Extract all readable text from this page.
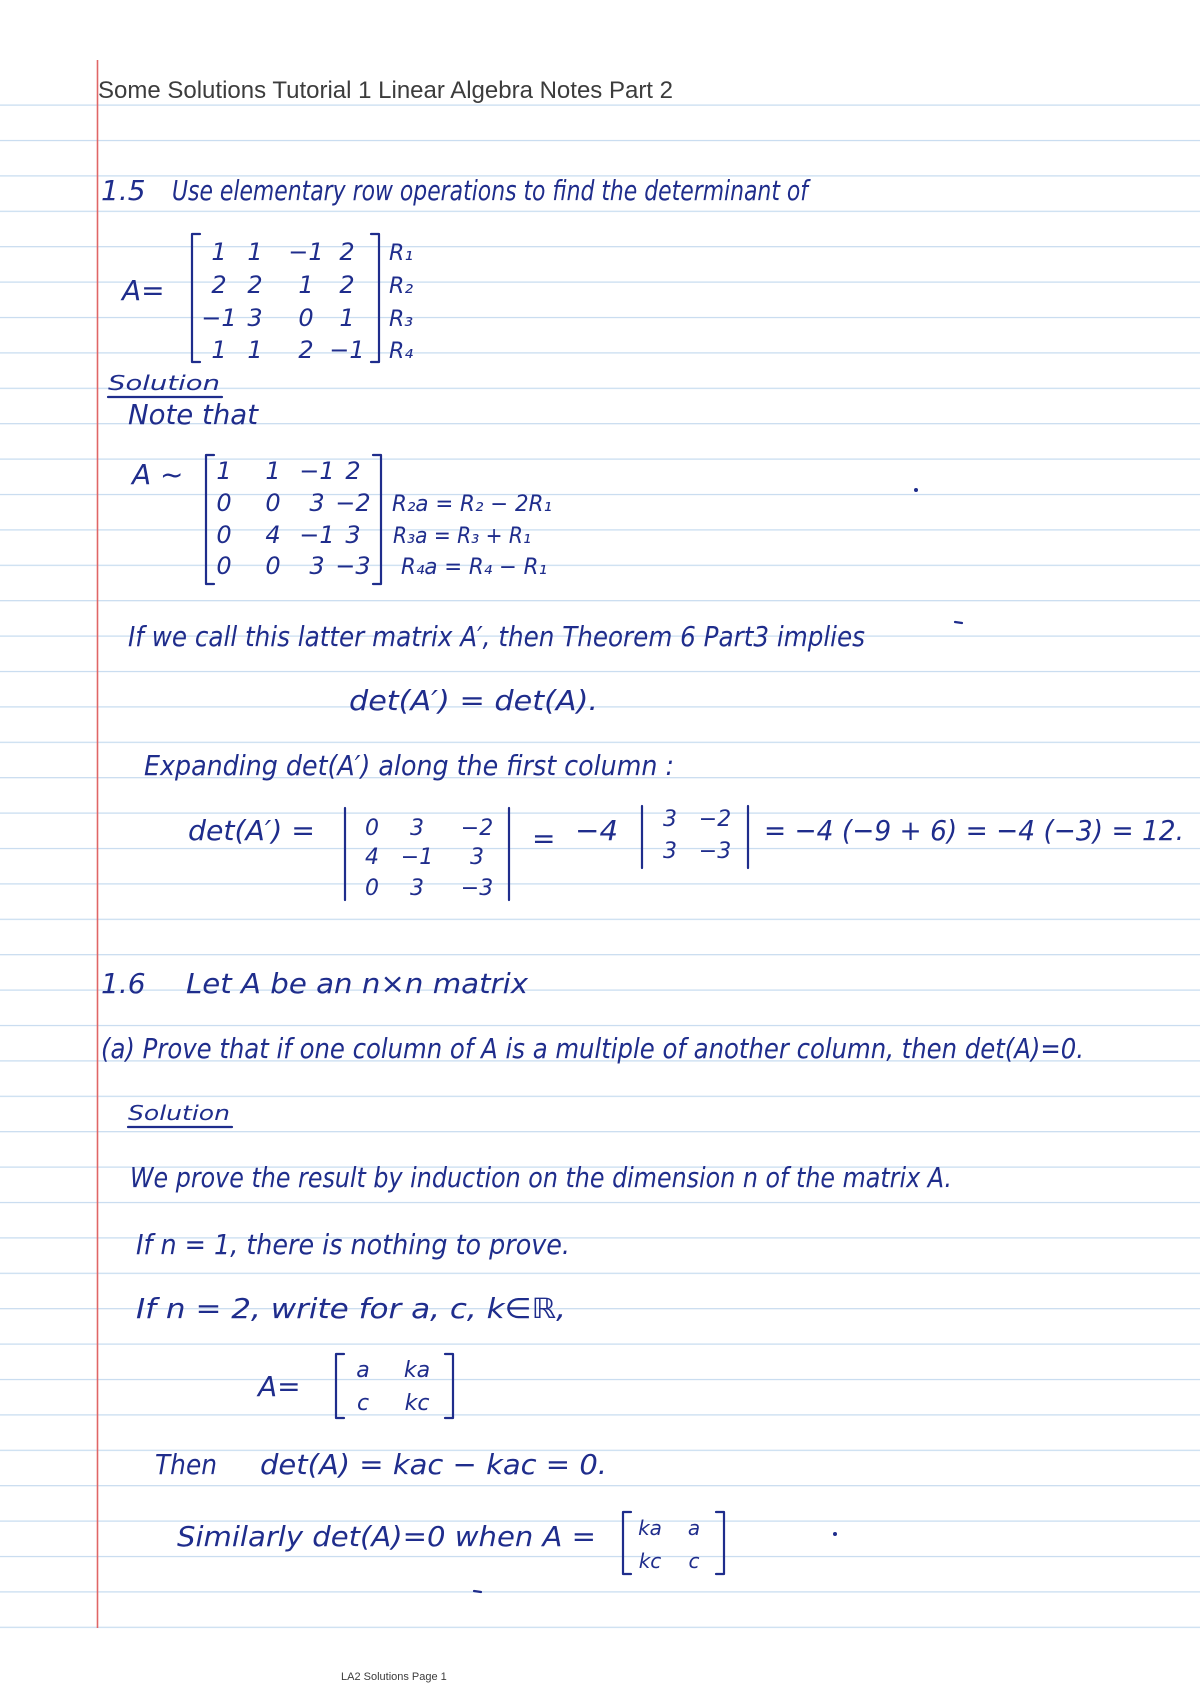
Some Solutions Tutorial 1 Linear Algebra Notes Part 2
1.5 Use elementary row operations to find the determinant of
A=
1 1 −1 2
2 2 1 2
−1 3 0 1
1 1 2 −1
R₁
R₂
R₃
R₄
Solution
Note that
A ~ 1 1 −1 2
0 0 3 −2
0 4 −1 3
0 0 3 −3
R₂a = R₂ − 2R₁
R₃a = R₃ + R₁
R₄a = R₄ − R₁
If we call this latter matrix A′, then Theorem 6 Part3 implies
det(A′) = det(A).
Expanding det(A′) along the first column :
det(A′) = 0 3 −2
4 −1 3
0 3 −3
= −4 3 −2
3 −3
= −4 (−9 + 6) = −4 (−3) = 12.
1.6 Let A be an n×n matrix
(a) Prove that if one column of A is a multiple of another column, then det(A)=0.
Solution
We prove the result by induction on the dimension n of the matrix A.
If n = 1, there is nothing to prove.
If n = 2, write for a, c, k∈ℝ,
A=	a ka
c kc
Then det(A) = kac − kac = 0.
Similarly det(A)=0 when A = ka a
kc c
LA2 Solutions Page 1
